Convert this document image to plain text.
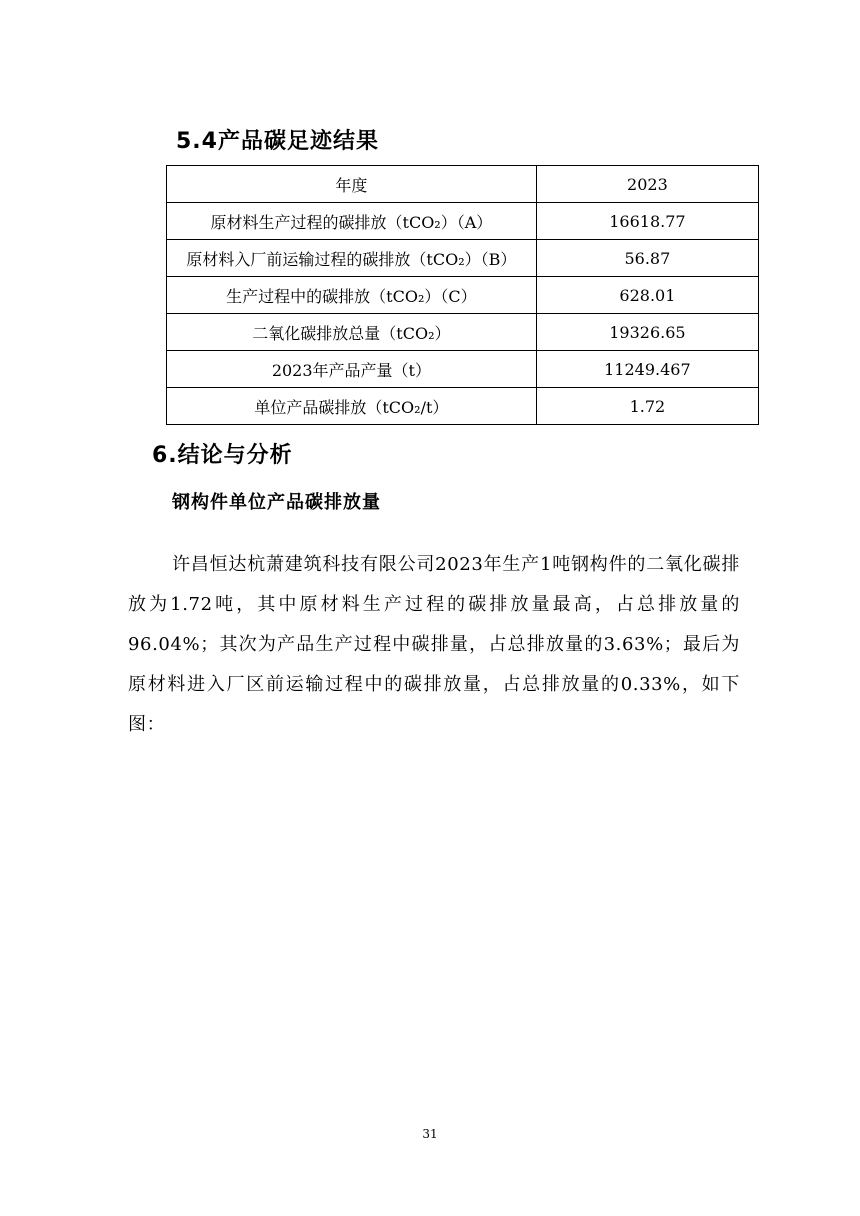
5.4产品碳足迹结果
年度	2023
原材料生产过程的碳排放（tCO₂）（A）	16618.77
原材料入厂前运输过程的碳排放（tCO₂）（B）	56.87
生产过程中的碳排放（tCO₂）（C）	628.01
二氧化碳排放总量（tCO₂）	19326.65
2023年产品产量（t）	11249.467
单位产品碳排放（tCO₂/t）	1.72
6.结论与分析
钢构件单位产品碳排放量

许昌恒达杭萧建筑科技有限公司2023年生产1吨钢构件的二氧化碳排放为1.72吨，其中原材料生产过程的碳排放量最高，占总排放量的96.04%；其次为产品生产过程中碳排量，占总排放量的3.63%；最后为原材料进入厂区前运输过程中的碳排放量，占总排放量的0.33%，如下图：

31
